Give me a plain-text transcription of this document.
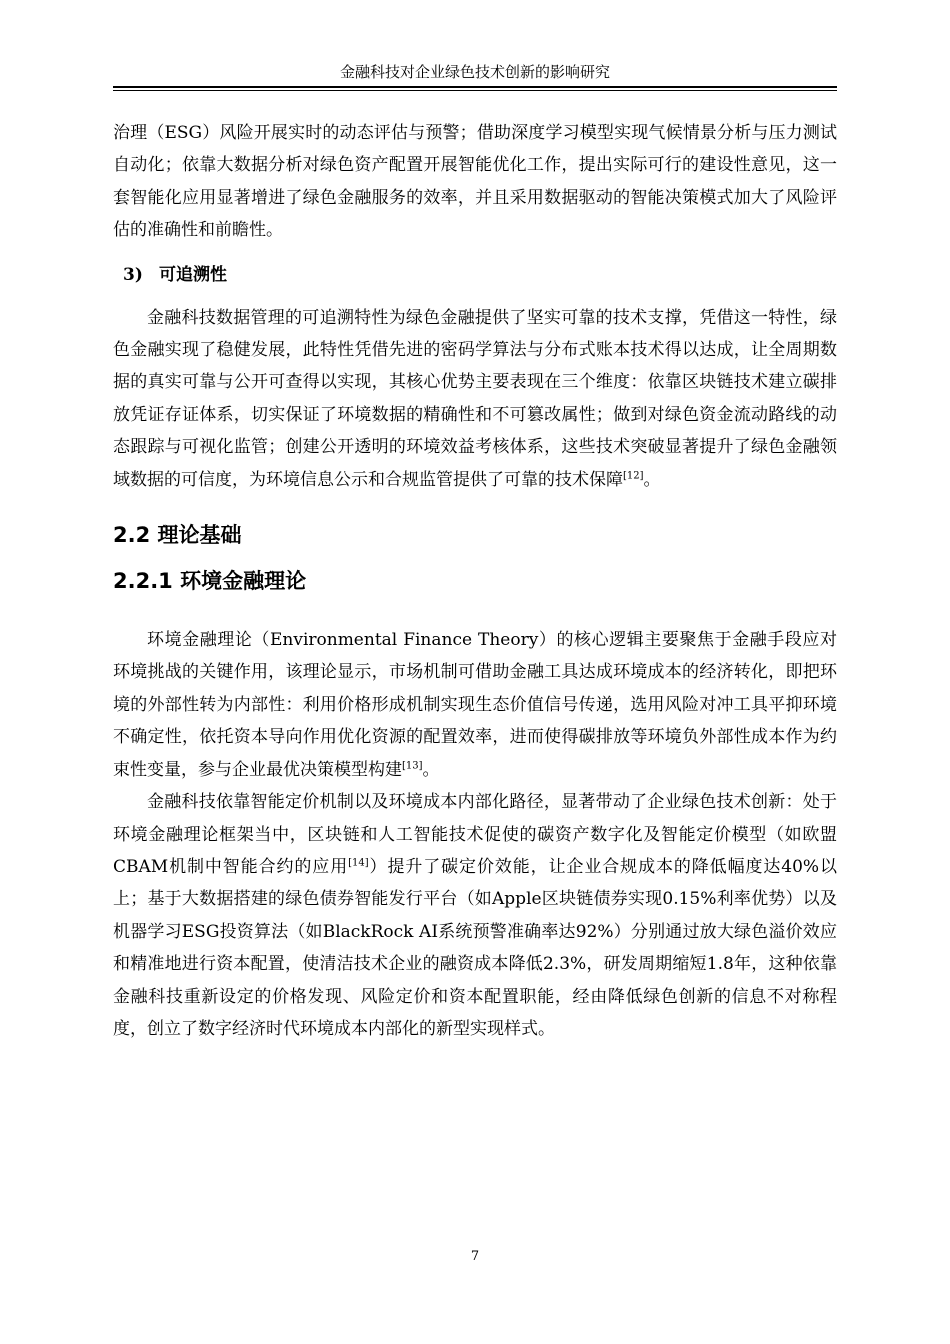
金融科技对企业绿色技术创新的影响研究

治理（ESG）风险开展实时的动态评估与预警；借助深度学习模型实现气候情景分析与压力测试自动化；依靠大数据分析对绿色资产配置开展智能优化工作，提出实际可行的建设性意见，这一套智能化应用显著增进了绿色金融服务的效率，并且采用数据驱动的智能决策模式加大了风险评估的准确性和前瞻性。

3) 可追溯性

金融科技数据管理的可追溯特性为绿色金融提供了坚实可靠的技术支撑，凭借这一特性，绿色金融实现了稳健发展，此特性凭借先进的密码学算法与分布式账本技术得以达成，让全周期数据的真实可靠与公开可查得以实现，其核心优势主要表现在三个维度：依靠区块链技术建立碳排放凭证存证体系，切实保证了环境数据的精确性和不可篡改属性；做到对绿色资金流动路线的动态跟踪与可视化监管；创建公开透明的环境效益考核体系，这些技术突破显著提升了绿色金融领域数据的可信度，为环境信息公示和合规监管提供了可靠的技术保障[12]。

2.2 理论基础
2.2.1 环境金融理论

环境金融理论（Environmental Finance Theory）的核心逻辑主要聚焦于金融手段应对环境挑战的关键作用，该理论显示，市场机制可借助金融工具达成环境成本的经济转化，即把环境的外部性转为内部性：利用价格形成机制实现生态价值信号传递，选用风险对冲工具平抑环境不确定性，依托资本导向作用优化资源的配置效率，进而使得碳排放等环境负外部性成本作为约束性变量，参与企业最优决策模型构建[13]。

金融科技依靠智能定价机制以及环境成本内部化路径，显著带动了企业绿色技术创新：处于环境金融理论框架当中，区块链和人工智能技术促使的碳资产数字化及智能定价模型（如欧盟CBAM机制中智能合约的应用[14]）提升了碳定价效能，让企业合规成本的降低幅度达40%以上；基于大数据搭建的绿色债券智能发行平台（如Apple区块链债券实现0.15%利率优势）以及机器学习ESG投资算法（如BlackRock AI系统预警准确率达92%）分别通过放大绿色溢价效应和精准地进行资本配置，使清洁技术企业的融资成本降低2.3%，研发周期缩短1.8年，这种依靠金融科技重新设定的价格发现、风险定价和资本配置职能，经由降低绿色创新的信息不对称程度，创立了数字经济时代环境成本内部化的新型实现样式。

7
